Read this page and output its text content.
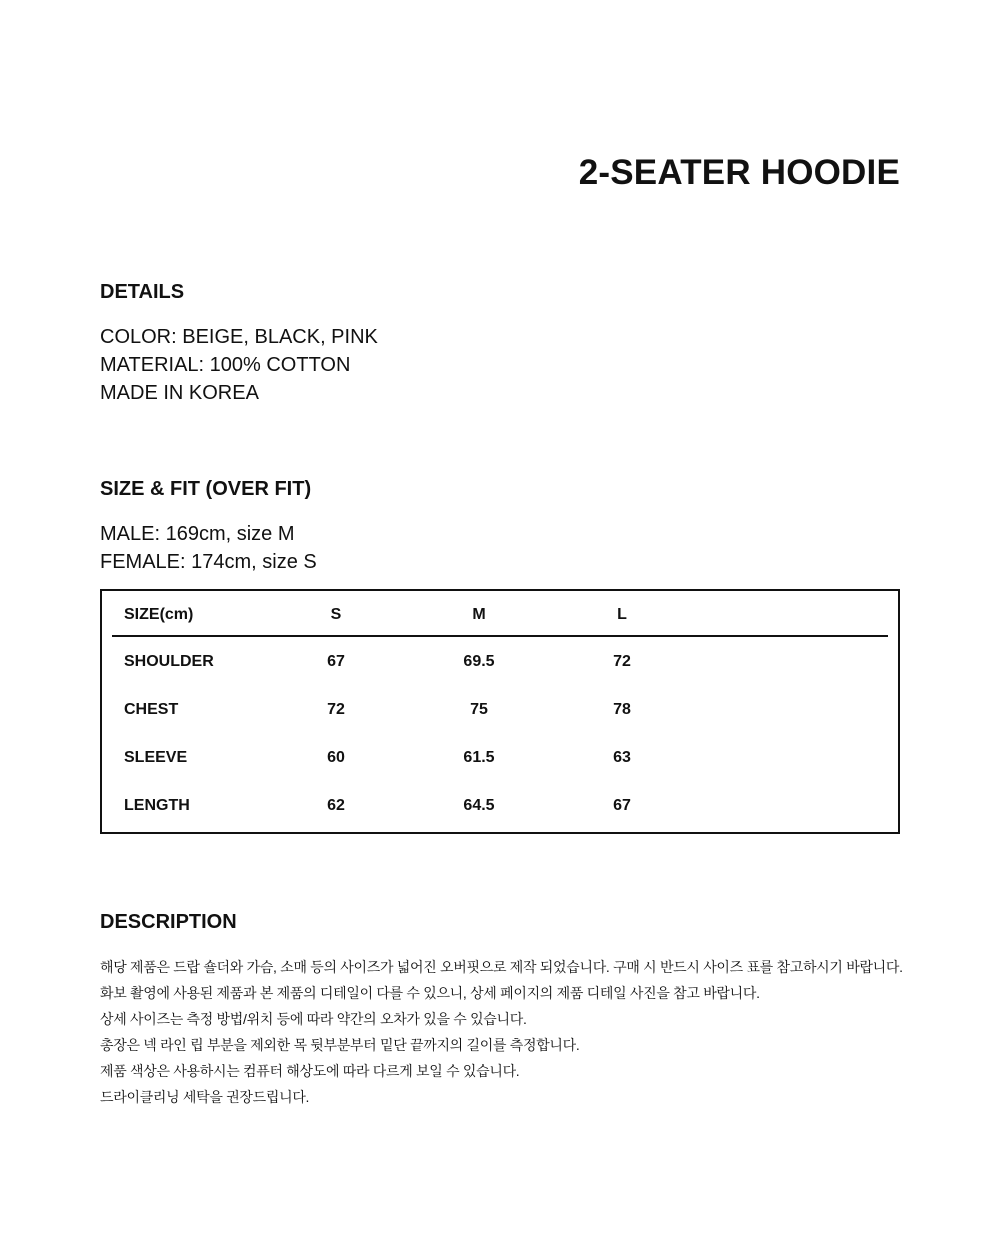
2-SEATER HOODIE
DETAILS
COLOR: BEIGE, BLACK, PINK
MATERIAL: 100% COTTON
MADE IN KOREA
SIZE & FIT (OVER FIT)
MALE: 169cm, size M
FEMALE: 174cm, size S
SIZE(cm)	S	M	L
SHOULDER	67	69.5	72
CHEST	72	75	78
SLEEVE	60	61.5	63
LENGTH	62	64.5	67
DESCRIPTION
해당 제품은 드랍 숄더와 가슴, 소매 등의 사이즈가 넓어진 오버핏으로 제작 되었습니다. 구매 시 반드시 사이즈 표를 참고하시기 바랍니다.
화보 촬영에 사용된 제품과 본 제품의 디테일이 다를 수 있으니, 상세 페이지의 제품 디테일 사진을 참고 바랍니다.
상세 사이즈는 측정 방법/위치 등에 따라 약간의 오차가 있을 수 있습니다.
총장은 넥 라인 립 부분을 제외한 목 뒷부분부터 밑단 끝까지의 길이를 측정합니다.
제품 색상은 사용하시는 컴퓨터 해상도에 따라 다르게 보일 수 있습니다.
드라이클리닝 세탁을 권장드립니다.
